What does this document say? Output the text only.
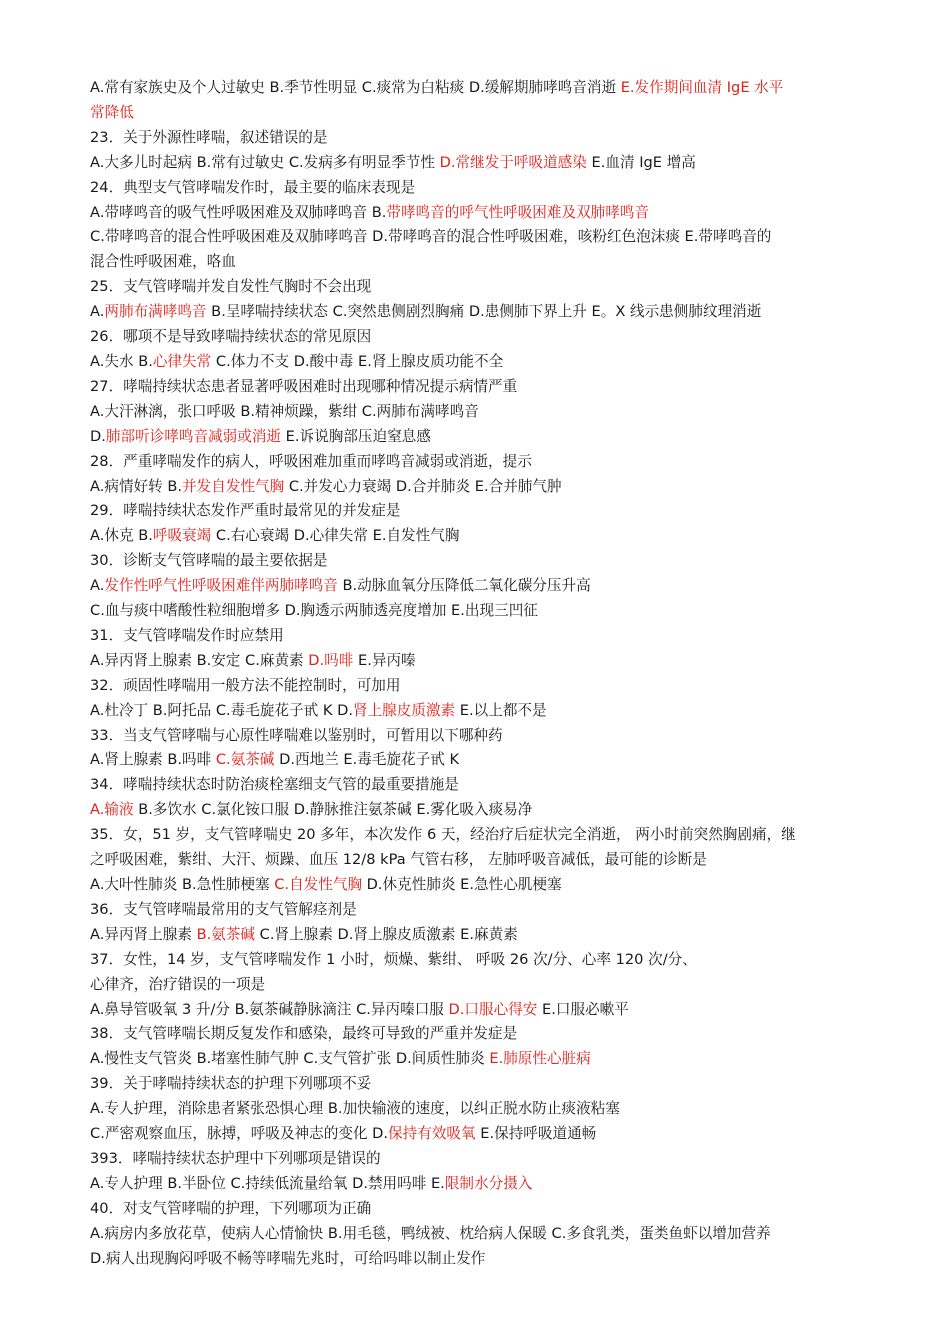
A.常有家族史及个人过敏史 B.季节性明显 C.痰常为白粘痰 D.缓解期肺哮鸣音消逝 E.发作期间血清 IgE 水平
常降低
23．关于外源性哮喘，叙述错误的是
A.大多儿时起病 B.常有过敏史 C.发病多有明显季节性 D.常继发于呼吸道感染 E.血清 IgE 增高
24．典型支气管哮喘发作时，最主要的临床表现是
A.带哮鸣音的吸气性呼吸困难及双肺哮鸣音 B.带哮鸣音的呼气性呼吸困难及双肺哮鸣音
C.带哮鸣音的混合性呼吸困难及双肺哮鸣音 D.带哮鸣音的混合性呼吸困难，咳粉红色泡沫痰 E.带哮鸣音的
混合性呼吸困难，咯血
25．支气管哮喘并发自发性气胸时不会出现
A.两肺布满哮鸣音 B.呈哮喘持续状态 C.突然患侧剧烈胸痛 D.患侧肺下界上升 E。X 线示患侧肺纹理消逝
26．哪项不是导致哮喘持续状态的常见原因
A.失水 B.心律失常 C.体力不支 D.酸中毒 E.肾上腺皮质功能不全
27．哮喘持续状态患者显著呼吸困难时出现哪种情况提示病情严重
A.大汗淋漓，张口呼吸 B.精神烦躁，紫绀 C.两肺布满哮鸣音
D.肺部听诊哮鸣音减弱或消逝 E.诉说胸部压迫窒息感
28．严重哮喘发作的病人，呼吸困难加重而哮鸣音减弱或消逝，提示
A.病情好转 B.并发自发性气胸 C.并发心力衰竭 D.合并肺炎 E.合并肺气肿
29．哮喘持续状态发作严重时最常见的并发症是
A.休克 B.呼吸衰竭 C.右心衰竭 D.心律失常 E.自发性气胸
30．诊断支气管哮喘的最主要依据是
A.发作性呼气性呼吸困难伴两肺哮鸣音 B.动脉血氧分压降低二氧化碳分压升高
C.血与痰中嗜酸性粒细胞增多 D.胸透示两肺透亮度增加 E.出现三凹征
31．支气管哮喘发作时应禁用
A.异丙肾上腺素 B.安定 C.麻黄素 D.吗啡 E.异丙嗪
32．顽固性哮喘用一般方法不能控制时，可加用
A.杜冷丁 B.阿托品 C.毒毛旋花子甙 K D.肾上腺皮质激素 E.以上都不是
33．当支气管哮喘与心原性哮喘难以鉴别时，可暂用以下哪种药
A.肾上腺素 B.吗啡 C.氨茶碱 D.西地兰 E.毒毛旋花子甙 K
34．哮喘持续状态时防治痰栓塞细支气管的最重要措施是
A.输液 B.多饮水 C.氯化铵口服 D.静脉推注氨茶碱 E.雾化吸入痰易净
35．女，51 岁，支气管哮喘史 20 多年，本次发作 6 天，经治疗后症状完全消逝， 两小时前突然胸剧痛，继
之呼吸困难，紫绀、大汗、烦躁、血压 12/8 kPa 气管右移， 左肺呼吸音减低，最可能的诊断是
A.大叶性肺炎 B.急性肺梗塞 C.自发性气胸 D.休克性肺炎 E.急性心肌梗塞
36．支气管哮喘最常用的支气管解痉剂是
A.异丙肾上腺素 B.氨茶碱 C.肾上腺素 D.肾上腺皮质激素 E.麻黄素
37．女性，14 岁，支气管哮喘发作 1 小时，烦燥、紫绀、 呼吸 26 次/分、心率 120 次/分、
心律齐，治疗错误的一项是
A.鼻导管吸氧 3 升/分 B.氨茶碱静脉滴注 C.异丙嗪口服 D.口服心得安 E.口服必嗽平
38．支气管哮喘长期反复发作和感染，最终可导致的严重并发症是
A.慢性支气管炎 B.堵塞性肺气肿 C.支气管扩张 D.间质性肺炎 E.肺原性心脏病
39．关于哮喘持续状态的护理下列哪项不妥
A.专人护理，消除患者紧张恐惧心理 B.加快输液的速度，以纠正脱水防止痰液粘塞
C.严密观察血压，脉搏，呼吸及神志的变化 D.保持有效吸氧 E.保持呼吸道通畅
393．哮喘持续状态护理中下列哪项是错误的
A.专人护理 B.半卧位 C.持续低流量给氧 D.禁用吗啡 E.限制水分摄入
40．对支气管哮喘的护理，下列哪项为正确
A.病房内多放花草，使病人心情愉快 B.用毛毯，鸭绒被、枕给病人保暖 C.多食乳类，蛋类鱼虾以增加营养
D.病人出现胸闷呼吸不畅等哮喘先兆时，可给吗啡以制止发作
